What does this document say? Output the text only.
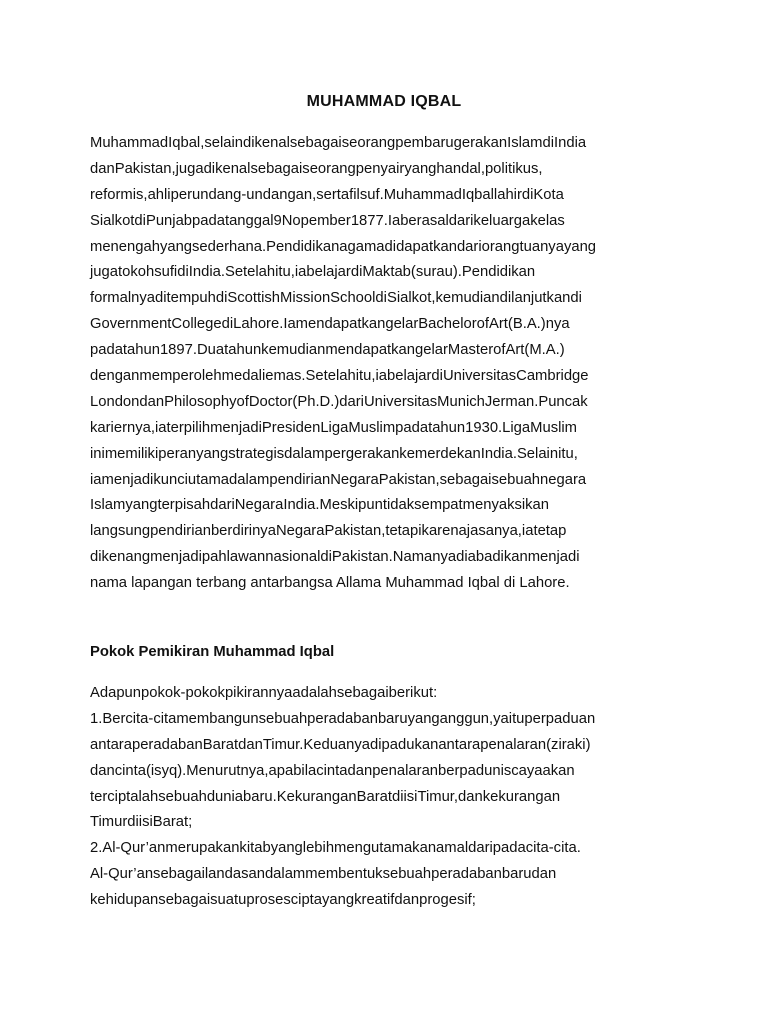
MUHAMMAD IQBAL
MuhammadIqbal,selaindikenalsebagaiseorangpembarugerakanIslamdiIndia
danPakistan,jugadikenalsebagaiseorangpenyairyanghandal,politikus,
reformis,ahliperundang-undangan,sertafilsuf.MuhammadIqballahirdiKota
SialkotdiPunjabpadatanggal9Nopember1877.Iaberasaldarikeluargakelas
menengahyangsederhana.Pendidikanagamadidapatkandariorangtuanyayang
jugatokohsufidiIndia.Setelahitu,iabelajardiMaktab(surau).Pendidikan
formalnyaditempuhdiScottishMissionSchooldiSialkot,kemudiandilanjutkandi
GovernmentCollegediLahore.IamendapatkangelarBachelorofArt(B.A.)nya
padatahun1897.DuatahunkemudianmendapatkangelarMasterofArt(M.A.)
denganmemperolehmedaliemas.Setelahitu,iabelajardiUniversitasCambridge
LondondanPhilosophyofDoctor(Ph.D.)dariUniversitasMunichJerman.Puncak
kariernya,iaterpilihmenjadiPresidenLigaMuslimpadatahun1930.LigaMuslim
inimemilikiperanyangstrategisdalampergerakankemerdekanIndia.Selainitu,
iamenjadikunciutamadalampendirianNegaraPakistan,sebagaisebuahnegara
IslamyangterpisahdariNegaraIndia.Meskipuntidaksempatmenyaksikan
langsungpendirianberdirinyaNegaraPakistan,tetapikarenajasanya,iatetap
dikenangmenjadipahlawannasionaldiPakistan.Namanyadiabadikanmenjadi
nama lapangan terbang antarbangsa Allama Muhammad Iqbal di Lahore.
Pokok Pemikiran Muhammad Iqbal
Adapunpokok-pokokpikirannyaadalahsebagaiberikut:
1.Bercita-citamembangunsebuahperadabanbaruyanganggun,yaituperpaduan
antaraperadabanBaratdanTimur.Keduanyadipadukanantarapenalaran(ziraki)
dancinta(isyq).Menurutnya,apabilacintadanpenalaranberpaduniscayaakan
terciptalahsebuahduniabaru.KekuranganBaratdiisiTimur,dankekurangan
TimurdiisiBarat;
2.Al-Qur’anmerupakankitabyanglebihmengutamakanamaldaripadacita-cita.
Al-Qur’ansebagailandasandalammembentuksebuahperadabanbarudan
kehidupansebagaisuatuprosesciptayangkreatifdanprogesif;
